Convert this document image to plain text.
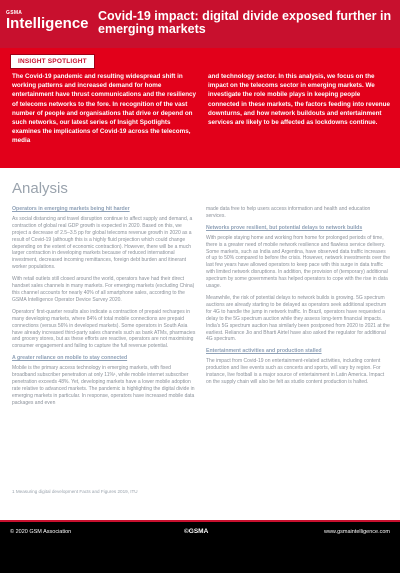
GSMA
Intelligence Covid-19 impact: digital divide exposed further in emerging markets
INSIGHT SPOTLIGHT
The Covid-19 pandemic and resulting widespread shift in working patterns and increased demand for home entertainment have thrust communications and the resiliency of telecoms networks to the fore. In recognition of the vast number of people and organisations that drive or depend on such networks, our latest series of Insight Spotlights examines the implications of Covid-19 across the telecoms, media
and technology sector. In this analysis, we focus on the impact on the telecoms sector in emerging markets. We investigate the role mobile plays in keeping people connected in these markets, the factors feeding into revenue downturns, and how network buildouts and entertainment services are likely to be affected as lockdowns continue.
Analysis
Operators in emerging markets being hit harder

As social distancing and travel disruption continue to affect supply and demand, a contraction of global real GDP growth is expected in 2020. Based on this, we project a decrease of 2.5–3.5 pp for global telecoms revenue growth in 2020 as a result of Covid-19 (although this is a highly fluid projection which could change depending on the extent of economic contraction). However, there will be a much larger contraction in developing markets because of reduced international investment, decreased incoming remittances, foreign debt burden and itinerant worker populations.

With retail outlets still closed around the world, operators have had their direct handset sales channels in many markets. For emerging markets (excluding China) this channel accounts for nearly 40% of all smartphone sales, according to the GSMA Intelligence Operator Device Survey 2020.

Operators' first-quarter results also indicate a contraction of prepaid recharges in many developing markets, where 84% of total mobile connections are prepaid connections (versus 56% in developed markets). Some operators in South Asia have already increased third-party sales channels such as bank ATMs, pharmacies and grocery stores, but as these efforts are reactive, operators are not maximising consumer engagement and failing to capture the full revenue potential.

A greater reliance on mobile to stay connected

Mobile is the primary access technology in emerging markets, with fixed broadband subscriber penetration at only 11%¹, while mobile internet subscriber penetration exceeds 48%. Yet, developing markets have a lower mobile adoption rate relative to advanced markets. The pandemic is highlighting the digital divide in emerging markets in particular. In response, operators have increased mobile data packages and even

made data free to help users access information and health and education services.

Networks prove resilient, but potential delays to network builds

With people staying home and working from home for prolonged periods of time, there is a greater need of mobile network resilience and flawless service delivery. Some markets, such as India and Argentina, have observed data traffic increases of up to 50% compared to before the crisis. However, network investments over the last few years have allowed operators to keep pace with this surge in data traffic with limited network disruptions. In addition, the provision of (temporary) additional spectrum by some governments has helped operators to cope with the rise in data usage.

Meanwhile, the risk of potential delays to network builds is growing. 5G spectrum auctions are already starting to be delayed as operators seek additional spectrum for 4G to handle the jump in network traffic. In Brazil, operators have requested a delay to the 5G spectrum auction while they assess long-term financial impacts. India's 5G spectrum auction has similarly been postponed from 2020 to 2021 at the earliest. Reliance Jio and Bharti Airtel have also asked the regulator for additional 4G spectrum.

Entertainment activities and production stalled

The impact from Covid-19 on entertainment-related activities, including content production and live events such as concerts and sports, will vary by region. For instance, live football is a major source of entertainment in Latin America. Impact on the supply chain will also be felt as studio content production is halted.

1 Measuring digital development Facts and Figures 2019, ITU
© 2020 GSM Association	©GSMA	www.gsmaintelligence.com
